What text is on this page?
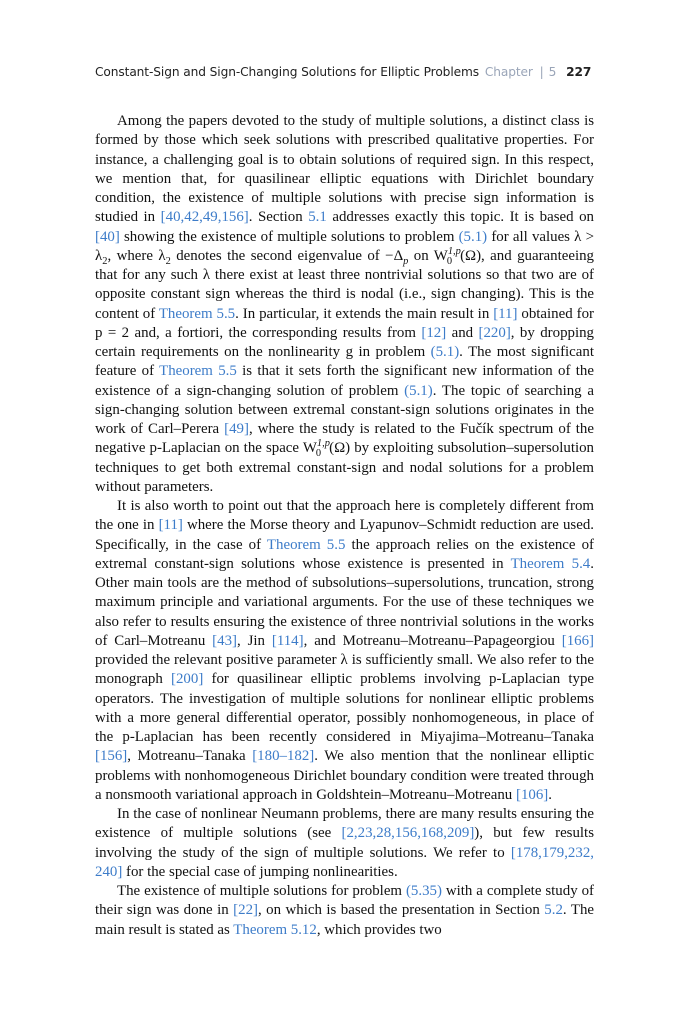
Constant-Sign and Sign-Changing Solutions for Elliptic Problems Chapter | 5 227

Among the papers devoted to the study of multiple solutions, a distinct class is formed by those which seek solutions with prescribed qualitative properties. For instance, a challenging goal is to obtain solutions of required sign. In this respect, we mention that, for quasilinear elliptic equations with Dirichlet boundary condition, the existence of multiple solutions with precise sign information is studied in [40,42,49,156]. Section 5.1 addresses exactly this topic. It is based on [40] showing the existence of multiple solutions to problem (5.1) for all values $\lambda > \lambda_2$, where $\lambda_2$ denotes the second eigenvalue of $-\Delta_p$ on W$^{1,p}_0$ (Ω), and guaranteeing that for any such λ there exist at least three nontrivial solutions so that two are of opposite constant sign whereas the third is nodal (i.e., sign changing). This is the content of Theorem 5.5. In particular, it extends the main result in [11] obtained for p = 2 and, a fortiori, the corresponding results from [12] and [220], by dropping certain requirements on the nonlinearity g in problem (5.1). The most significant feature of Theorem 5.5 is that it sets forth the significant new information of the existence of a sign-changing solution of problem (5.1). The topic of searching a sign-changing solution between extremal constant-sign solutions originates in the work of Carl–Perera [49], where the study is related to the Fučík spectrum of the negative p-Laplacian on the space W$^{1,p}_0$ (Ω) by exploiting subsolution–supersolution techniques to get both extremal constant-sign and nodal solutions for a problem without parameters.

It is also worth to point out that the approach here is completely different from the one in [11] where the Morse theory and Lyapunov–Schmidt reduction are used. Specifically, in the case of Theorem 5.5 the approach relies on the existence of extremal constant-sign solutions whose existence is presented in Theorem 5.4. Other main tools are the method of subsolutions–supersolutions, truncation, strong maximum principle and variational arguments. For the use of these techniques we also refer to results ensuring the existence of three nontrivial solutions in the works of Carl–Motreanu [43], Jin [114], and Motreanu–Motreanu–Papageorgiou [166] provided the relevant positive parameter λ is sufficiently small. We also refer to the monograph [200] for quasilinear elliptic problems involving p-Laplacian type operators. The investigation of multiple solutions for nonlinear elliptic problems with a more general differential operator, possibly nonhomogeneous, in place of the p-Laplacian has been recently considered in Miyajima–Motreanu–Tanaka [156], Motreanu–Tanaka [180–182]. We also mention that the nonlinear elliptic problems with nonhomogeneous Dirichlet boundary condition were treated through a nonsmooth variational approach in Goldshtein–Motreanu–Motreanu [106].

In the case of nonlinear Neumann problems, there are many results ensuring the existence of multiple solutions (see [2,23,28,156,168,209]), but few results involving the study of the sign of multiple solutions. We refer to [178,179,232, 240] for the special case of jumping nonlinearities.

The existence of multiple solutions for problem (5.35) with a complete study of their sign was done in [22], on which is based the presentation in Section 5.2. The main result is stated as Theorem 5.12, which provides two
